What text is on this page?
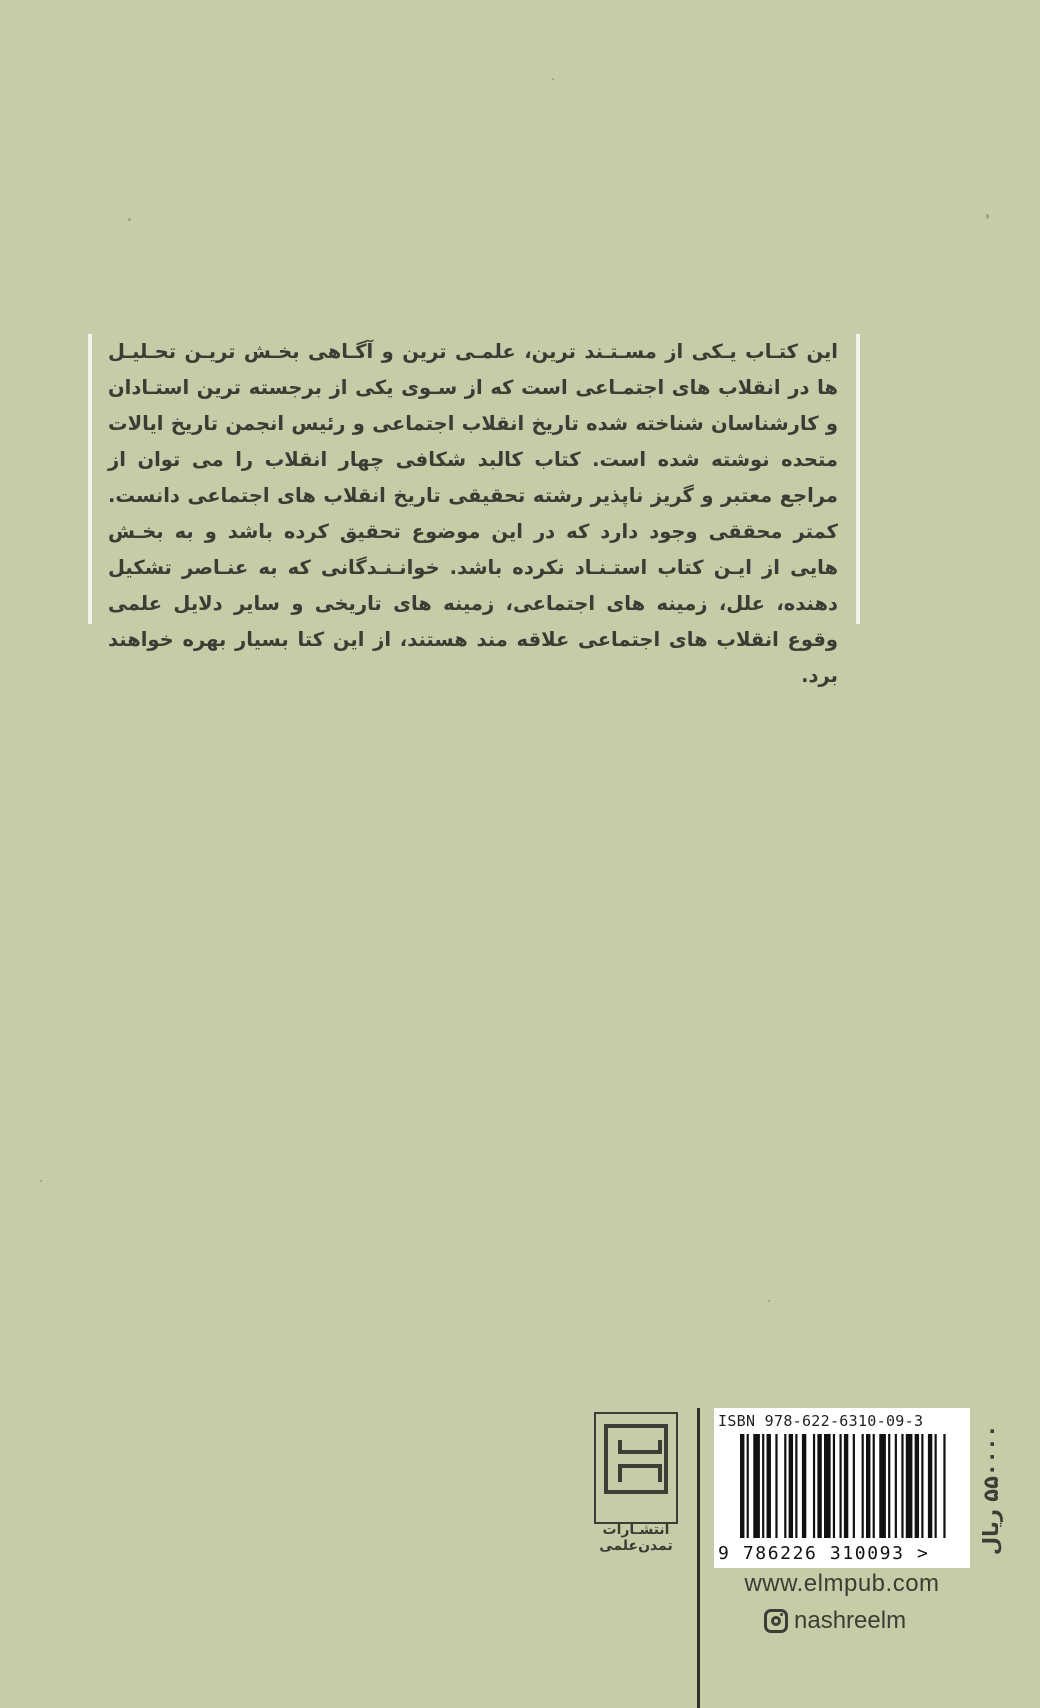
این کتـاب یـکی از مسـتـند ترین، علمـی ترین و آگـاهی بخـش تریـن تحـلیـل ها در انقلاب های اجتمـاعی است که از سـوی یکی از برجسته ترین استـادان و کارشناسان شناخته شده تاریخ انقلاب اجتماعی و رئیس انجمن تاریخ ایالات متحده نوشته شده است. کتاب کالبد شکافی چهار انقلاب را می توان از مراجع معتبر و گریز ناپذیر رشته تحقیقی تاریخ انقلاب های اجتماعی دانست. کمتر محققی وجود دارد که در این موضوع تحقیق کرده باشد و به بخـش هایی از ایـن کتاب استـنـاد نکرده باشد. خوانـنـدگانی که به عنـاصر تشکیل دهنده، علل، زمینه های اجتماعی، زمینه های تاریخی و سایر دلایل علمی وقوع انقلاب های اجتماعی علاقه مند هستند، از این کتا بسیار بهره خواهند برد.
انتشـارات
تمدن‌علمی
ISBN 978-622-6310-09-3
9 786226 310093 >	۵۵۰۰۰۰ ریال
www.elmpub.com
nashreelm
